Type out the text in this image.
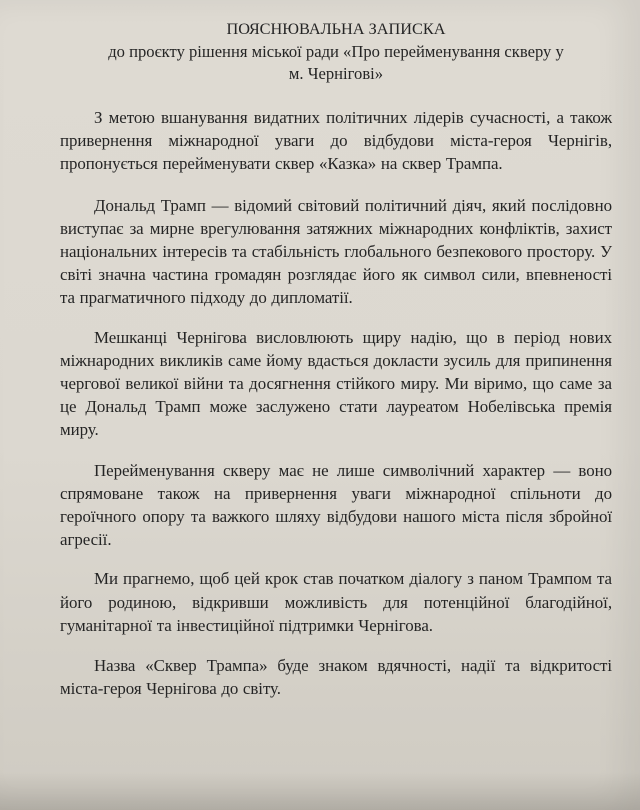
ПОЯСНЮВАЛЬНА ЗАПИСКА

до проєкту рішення міської ради «Про перейменування скверу у

м. Чернігові»

З метою вшанування видатних політичних лідерів сучасності, а також привернення міжнародної уваги до відбудови міста-героя Чернігів, пропонується перейменувати сквер «Казка» на сквер Трампа.

Дональд Трамп — відомий світовий політичний діяч, який послідовно виступає за мирне врегулювання затяжних міжнародних конфліктів, захист національних інтересів та стабільність глобального безпекового простору. У світі значна частина громадян розглядає його як символ сили, впевненості та прагматичного підходу до дипломатії.

Мешканці Чернігова висловлюють щиру надію, що в період нових міжнародних викликів саме йому вдасться докласти зусиль для припинення чергової великої війни та досягнення стійкого миру. Ми віримо, що саме за це Дональд Трамп може заслужено стати лауреатом Нобелівська премія миру.

Перейменування скверу має не лише символічний характер — воно спрямоване також на привернення уваги міжнародної спільноти до героїчного опору та важкого шляху відбудови нашого міста після збройної агресії.

Ми прагнемо, щоб цей крок став початком діалогу з паном Трампом та його родиною, відкривши можливість для потенційної благодійної, гуманітарної та інвестиційної підтримки Чернігова.

Назва «Сквер Трампа» буде знаком вдячності, надії та відкритості міста-героя Чернігова до світу.
